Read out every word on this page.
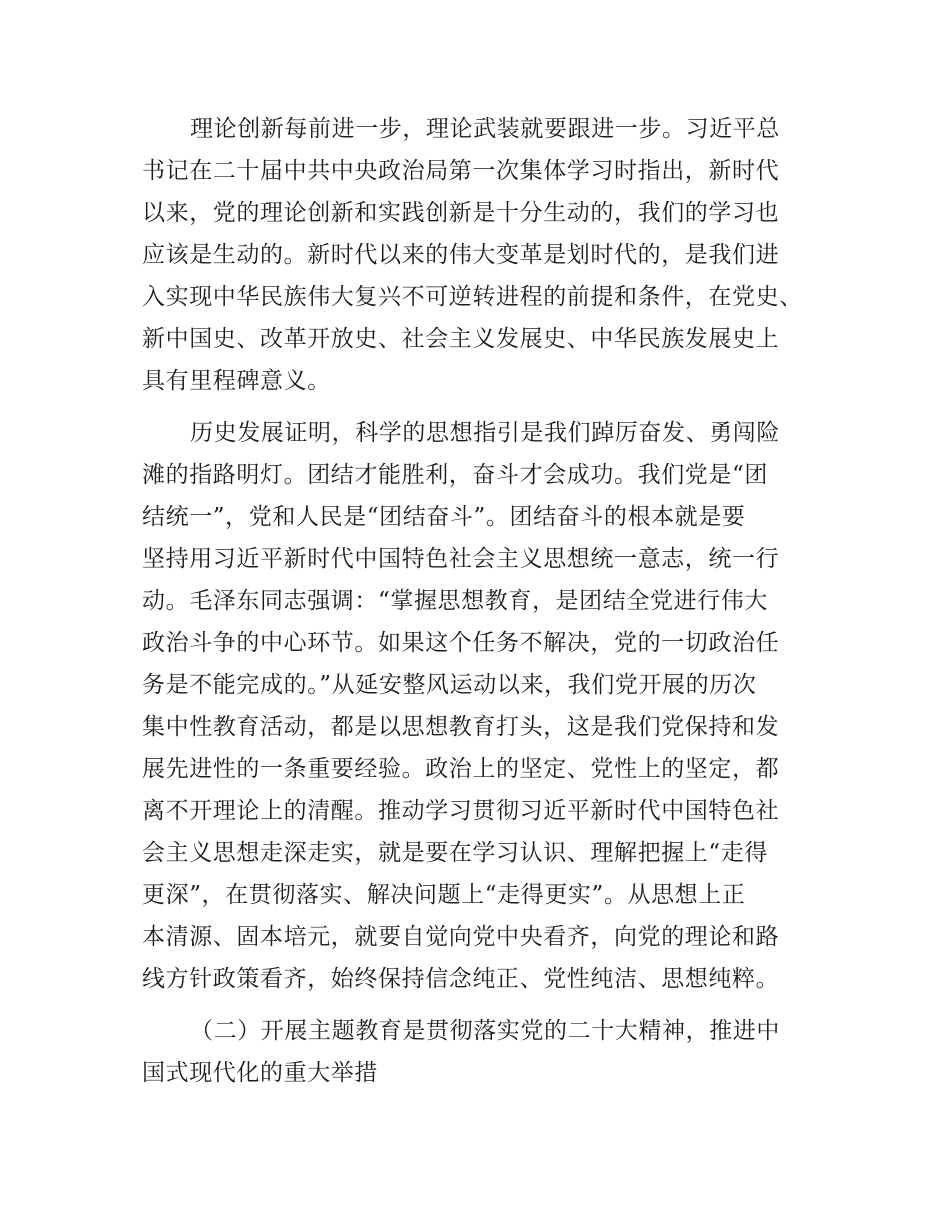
理论创新每前进一步，理论武装就要跟进一步。习近平总
书记在二十届中共中央政治局第一次集体学习时指出，新时代
以来，党的理论创新和实践创新是十分生动的，我们的学习也
应该是生动的。新时代以来的伟大变革是划时代的，是我们进
入实现中华民族伟大复兴不可逆转进程的前提和条件，在党史、
新中国史、改革开放史、社会主义发展史、中华民族发展史上
具有里程碑意义。
历史发展证明，科学的思想指引是我们踔厉奋发、勇闯险
滩的指路明灯。团结才能胜利，奋斗才会成功。我们党是“团
结统一”，党和人民是“团结奋斗”。团结奋斗的根本就是要
坚持用习近平新时代中国特色社会主义思想统一意志，统一行
动。毛泽东同志强调：“掌握思想教育，是团结全党进行伟大
政治斗争的中心环节。如果这个任务不解决，党的一切政治任
务是不能完成的。”从延安整风运动以来，我们党开展的历次
集中性教育活动，都是以思想教育打头，这是我们党保持和发
展先进性的一条重要经验。政治上的坚定、党性上的坚定，都
离不开理论上的清醒。推动学习贯彻习近平新时代中国特色社
会主义思想走深走实，就是要在学习认识、理解把握上“走得
更深”，在贯彻落实、解决问题上“走得更实”。从思想上正
本清源、固本培元，就要自觉向党中央看齐，向党的理论和路
线方针政策看齐，始终保持信念纯正、党性纯洁、思想纯粹。
（二）开展主题教育是贯彻落实党的二十大精神，推进中
国式现代化的重大举措
